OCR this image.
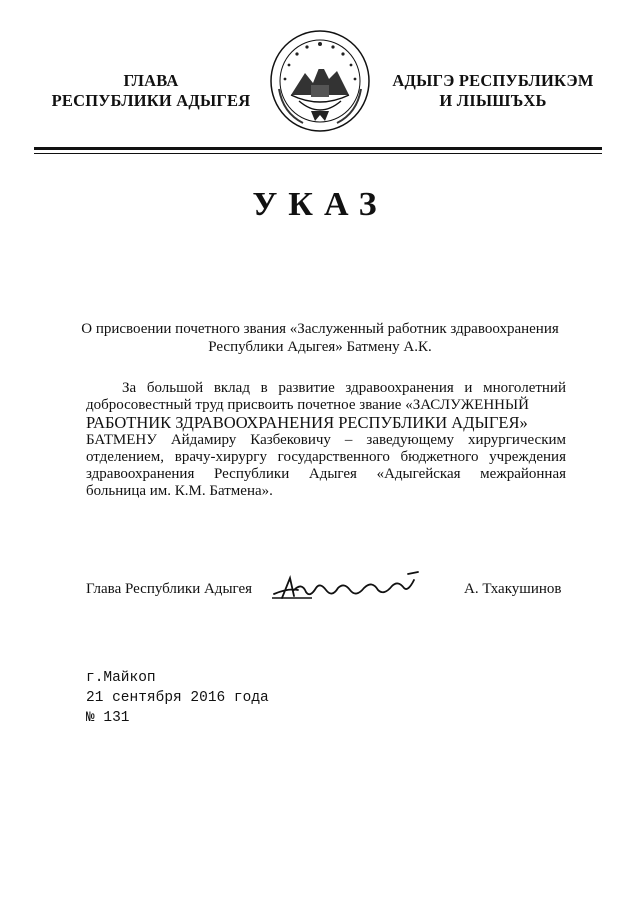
ГЛАВА
РЕСПУБЛИКИ АДЫГЕЯ
АДЫГЭ РЕСПУБЛИКЭМ
И ЛІЫШЪХЬ
УКАЗ
О присвоении почетного звания «Заслуженный работник здравоохранения Республики Адыгея» Батмену А.К.
За большой вклад в развитие здравоохранения и многолетний добросовестный труд присвоить почетное звание «ЗАСЛУЖЕННЫЙ
РАБОТНИК ЗДРАВООХРАНЕНИЯ РЕСПУБЛИКИ АДЫГЕЯ»
БАТМЕНУ Айдамиру Казбековичу – заведующему хирургическим отделением, врачу-хирургу государственного бюджетного учреждения здравоохранения Республики Адыгея «Адыгейская межрайонная больница им. К.М. Батмена».
Глава Республики Адыгея	А. Тхакушинов
г.Майкоп
21 сентября 2016 года
№ 131
